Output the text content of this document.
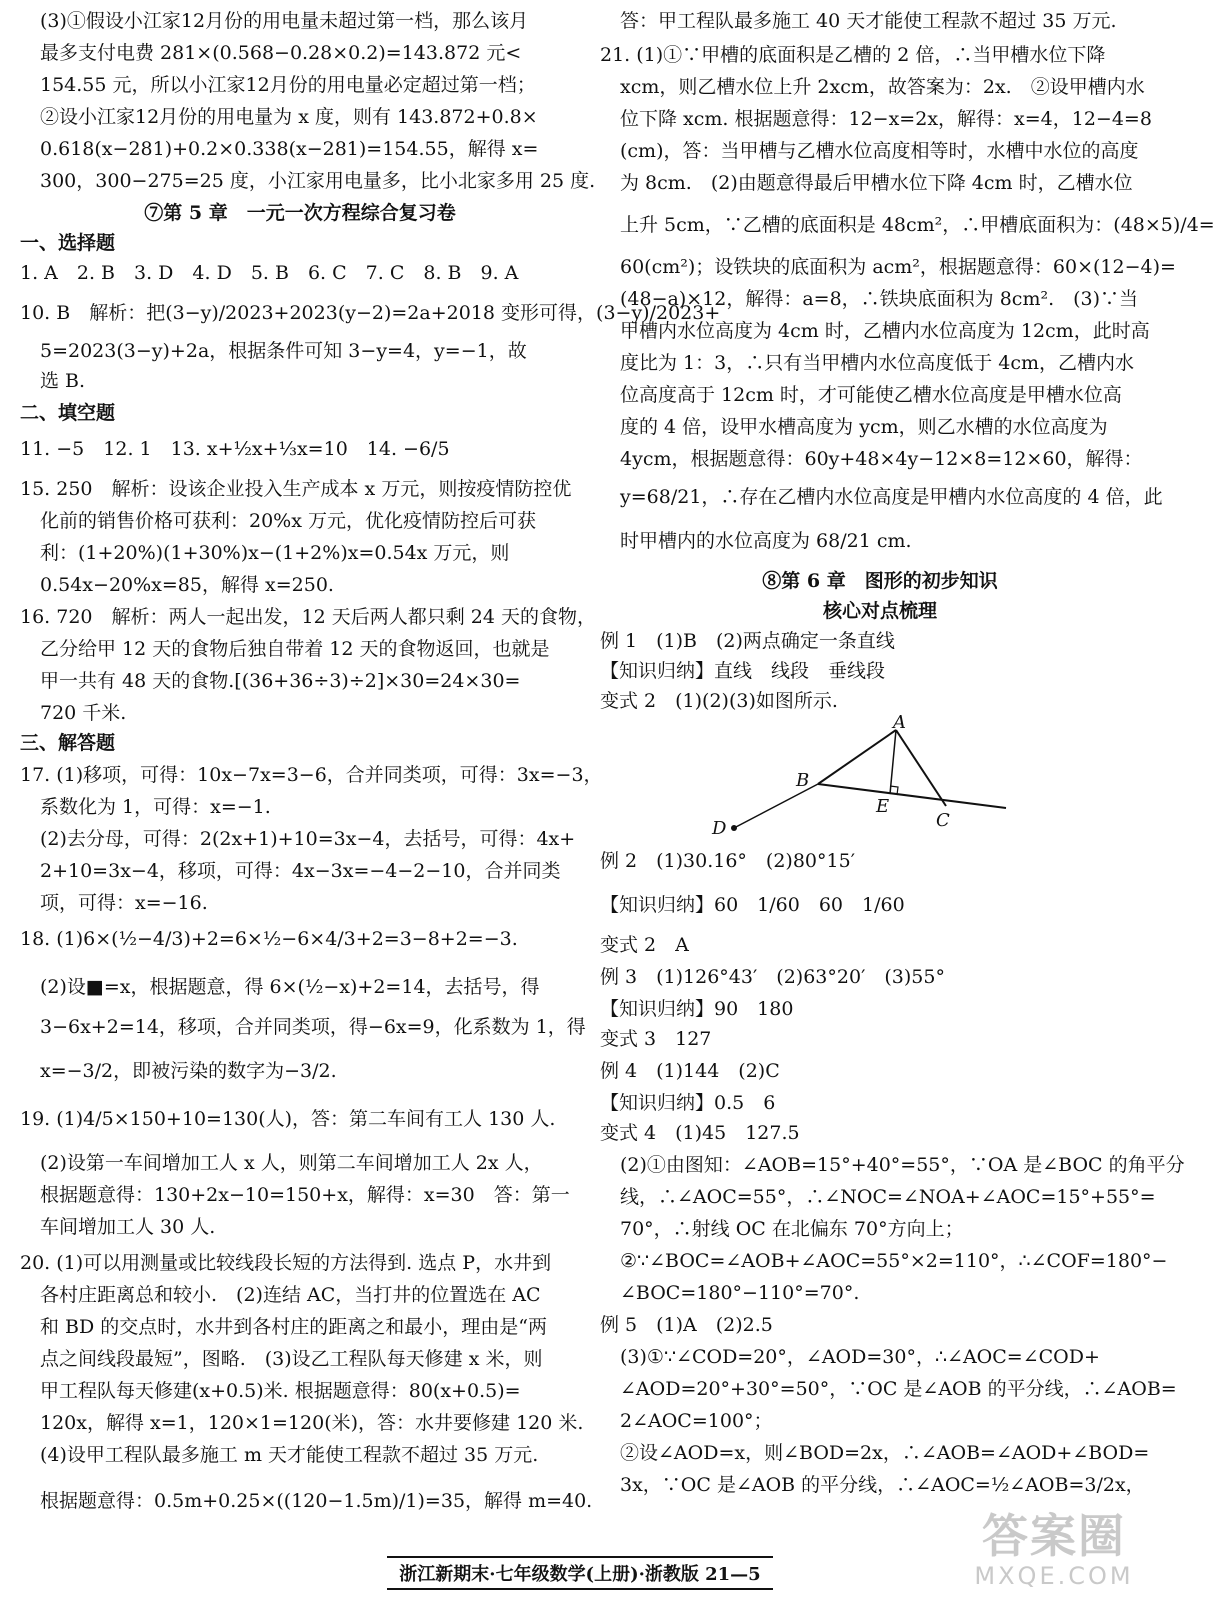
(3)①假设小江家12月份的用电量未超过第一档，那么该月
最多支付电费 281×(0.568−0.28×0.2)=143.872 元<
154.55 元，所以小江家12月份的用电量必定超过第一档；
②设小江家12月份的用电量为 x 度，则有 143.872+0.8×
0.618(x−281)+0.2×0.338(x−281)=154.55，解得 x=
300，300−275=25 度，小江家用电量多，比小北家多用 25 度.
⑦第 5 章　一元一次方程综合复习卷
一、选择题
1. A　2. B　3. D　4. D　5. B　6. C　7. C　8. B　9. A
10. B　解析：把(3−y)/2023+2023(y−2)=2a+2018 变形可得，(3−y)/2023+
5=2023(3−y)+2a，根据条件可知 3−y=4，y=−1，故
选 B.
二、填空题
11. −5　12. 1　13. x+½x+⅓x=10　14. −6/5
15. 250　解析：设该企业投入生产成本 x 万元，则按疫情防控优
化前的销售价格可获利：20%x 万元，优化疫情防控后可获
利：(1+20%)(1+30%)x−(1+2%)x=0.54x 万元，则
0.54x−20%x=85，解得 x=250.
16. 720　解析：两人一起出发，12 天后两人都只剩 24 天的食物，
乙分给甲 12 天的食物后独自带着 12 天的食物返回，也就是
甲一共有 48 天的食物.[(36+36÷3)÷2]×30=24×30=
720 千米.
三、解答题
17. (1)移项，可得：10x−7x=3−6，合并同类项，可得：3x=−3，
系数化为 1，可得：x=−1.
(2)去分母，可得：2(2x+1)+10=3x−4，去括号，可得：4x+
2+10=3x−4，移项，可得：4x−3x=−4−2−10，合并同类
项，可得：x=−16.
18. (1)6×(½−4/3)+2=6×½−6×4/3+2=3−8+2=−3.
(2)设■=x，根据题意，得 6×(½−x)+2=14，去括号，得
3−6x+2=14，移项，合并同类项，得−6x=9，化系数为 1，得
x=−3/2，即被污染的数字为−3/2.
19. (1)4/5×150+10=130(人)，答：第二车间有工人 130 人.
(2)设第一车间增加工人 x 人，则第二车间增加工人 2x 人，
根据题意得：130+2x−10=150+x，解得：x=30　答：第一
车间增加工人 30 人.
20. (1)可以用测量或比较线段长短的方法得到. 选点 P，水井到
各村庄距离总和较小.　(2)连结 AC，当打井的位置选在 AC
和 BD 的交点时，水井到各村庄的距离之和最小，理由是“两
点之间线段最短”，图略.　(3)设乙工程队每天修建 x 米，则
甲工程队每天修建(x+0.5)米. 根据题意得：80(x+0.5)=
120x，解得 x=1，120×1=120(米)，答：水井要修建 120 米.
(4)设甲工程队最多施工 m 天才能使工程款不超过 35 万元.
根据题意得：0.5m+0.25×((120−1.5m)/1)=35，解得 m=40.
A
B
C
D
E
答：甲工程队最多施工 40 天才能使工程款不超过 35 万元.
21. (1)①∵甲槽的底面积是乙槽的 2 倍，∴当甲槽水位下降
xcm，则乙槽水位上升 2xcm，故答案为：2x.　②设甲槽内水
位下降 xcm. 根据题意得：12−x=2x，解得：x=4，12−4=8
(cm)，答：当甲槽与乙槽水位高度相等时，水槽中水位的高度
为 8cm.　(2)由题意得最后甲槽水位下降 4cm 时，乙槽水位
上升 5cm，∵乙槽的底面积是 48cm²，∴甲槽底面积为：(48×5)/4=
60(cm²)；设铁块的底面积为 acm²，根据题意得：60×(12−4)=
(48−a)×12，解得：a=8，∴铁块底面积为 8cm².　(3)∵当
甲槽内水位高度为 4cm 时，乙槽内水位高度为 12cm，此时高
度比为 1：3，∴只有当甲槽内水位高度低于 4cm，乙槽内水
位高度高于 12cm 时，才可能使乙槽水位高度是甲槽水位高
度的 4 倍，设甲水槽高度为 ycm，则乙水槽的水位高度为
4ycm，根据题意得：60y+48×4y−12×8=12×60，解得：
y=68/21，∴存在乙槽内水位高度是甲槽内水位高度的 4 倍，此
时甲槽内的水位高度为 68/21 cm.
⑧第 6 章　图形的初步知识
核心对点梳理
例 1　(1)B　(2)两点确定一条直线
【知识归纳】直线　线段　垂线段
变式 2　(1)(2)(3)如图所示.
例 2　(1)30.16°　(2)80°15′
【知识归纳】60　1/60　60　1/60
变式 2　A
例 3　(1)126°43′　(2)63°20′　(3)55°
【知识归纳】90　180
变式 3　127
例 4　(1)144　(2)C
【知识归纳】0.5　6
变式 4　(1)45　127.5
(2)①由图知：∠AOB=15°+40°=55°，∵OA 是∠BOC 的角平分
线，∴∠AOC=55°，∴∠NOC=∠NOA+∠AOC=15°+55°=
70°，∴射线 OC 在北偏东 70°方向上；
②∵∠BOC=∠AOB+∠AOC=55°×2=110°，∴∠COF=180°−
∠BOC=180°−110°=70°.
例 5　(1)A　(2)2.5
(3)①∵∠COD=20°，∠AOD=30°，∴∠AOC=∠COD+
∠AOD=20°+30°=50°，∵OC 是∠AOB 的平分线，∴∠AOB=
2∠AOC=100°；
②设∠AOD=x，则∠BOD=2x，∴∠AOB=∠AOD+∠BOD=
3x，∵OC 是∠AOB 的平分线，∴∠AOC=½∠AOB=3/2x，
浙江新期末·七年级数学(上册)·浙教版 21—5
答案圈
MXQE.COM
